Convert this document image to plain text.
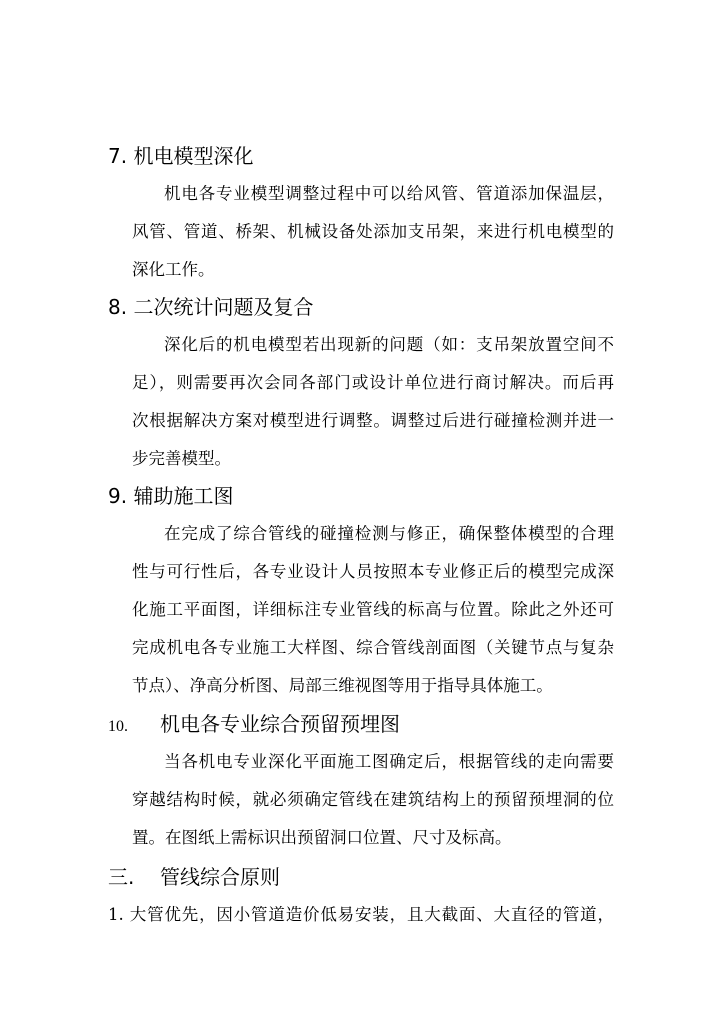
7. 机电模型深化
机电各专业模型调整过程中可以给风管、管道添加保温层，
风管、管道、桥架、机械设备处添加支吊架，来进行机电模型的
深化工作。
8. 二次统计问题及复合
深化后的机电模型若出现新的问题（如：支吊架放置空间不
足），则需要再次会同各部门或设计单位进行商讨解决。而后再
次根据解决方案对模型进行调整。调整过后进行碰撞检测并进一
步完善模型。
9. 辅助施工图
在完成了综合管线的碰撞检测与修正，确保整体模型的合理
性与可行性后，各专业设计人员按照本专业修正后的模型完成深
化施工平面图，详细标注专业管线的标高与位置。除此之外还可
完成机电各专业施工大样图、综合管线剖面图（关键节点与复杂
节点）、净高分析图、局部三维视图等用于指导具体施工。
10. 机电各专业综合预留预埋图
当各机电专业深化平面施工图确定后，根据管线的走向需要
穿越结构时候，就必须确定管线在建筑结构上的预留预埋洞的位
置。在图纸上需标识出预留洞口位置、尺寸及标高。
三. 管线综合原则
1. 大管优先，因小管道造价低易安装，且大截面、大直径的管道，
